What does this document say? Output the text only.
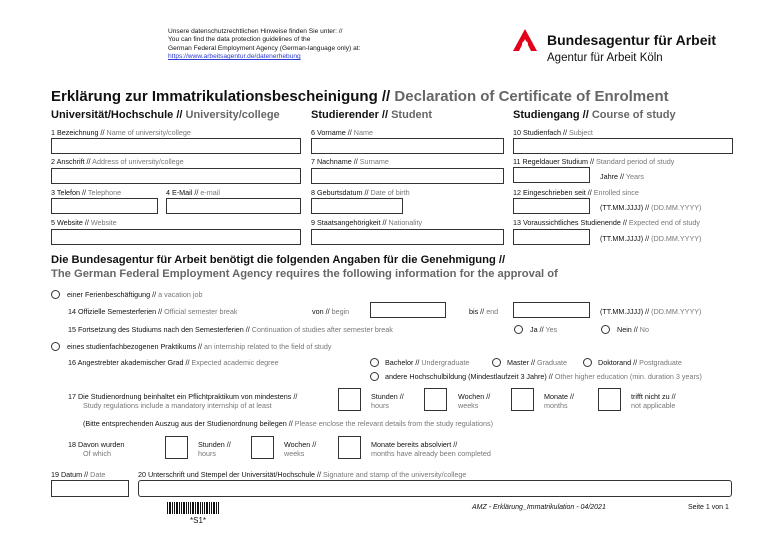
Unsere datenschutzrechtlichen Hinweise finden Sie unter: //
You can find the data protection guidelines of the
German Federal Employment Agency (German-language only) at:
https://www.arbeitsagentur.de/datenerhebung
Bundesagentur für Arbeit
Agentur für Arbeit Köln
Erklärung zur Immatrikulationsbescheinigung // Declaration of Certificate of Enrolment
Universität/Hochschule // University/college	Studierender // Student	Studiengang // Course of study
1 Bezeichnung // Name of university/college
2 Anschrift // Address of university/college
3 Telefon // Telephone	4 E-Mail // e-mail
5 Website // Website
6 Vorname // Name
7 Nachname // Surname
8 Geburtsdatum // Date of birth
9 Staatsangehörigkeit // Nationality
10 Studienfach // Subject
11 Regeldauer Studium // Standard period of study
Jahre // Years
12 Eingeschrieben seit // Enrolled since
(TT.MM.JJJJ) // (DD.MM.YYYY)
13 Voraussichtliches Studienende // Expected end of study
(TT.MM.JJJJ) // (DD.MM.YYYY)
Die Bundesagentur für Arbeit benötigt die folgenden Angaben für die Genehmigung //
The German Federal Employment Agency requires the following information for the approval of
einer Ferienbeschäftigung // a vacation job
14 Offizielle Semesterferien // Official semester break	von // begin	bis // end	(TT.MM.JJJJ) // (DD.MM.YYYY)
15 Fortsetzung des Studiums nach den Semesterferien // Continuation of studies after semester break	Ja // Yes	Nein // No
eines studienfachbezogenen Praktikums // an internship related to the field of study
16 Angestrebter akademischer Grad // Expected academic degree	Bachelor // Undergraduate	Master // Graduate	Doktorand // Postgraduate
andere Hochschulbildung (Mindestlaufzeit 3 Jahre) // Other higher education (min. duration 3 years)
17 Die Studienordnung beinhaltet ein Pflichtpraktikum von mindestens //
Study regulations include a mandatory internship of at least
Stunden //
hours
Wochen //
weeks
Monate //
months
trifft nicht zu //
not applicable
(Bitte entsprechenden Auszug aus der Studienordnung beilegen // Please enclose the relevant details from the study regulations)
18 Davon wurden
Of which
Stunden //
hours
Wochen //
weeks
Monate bereits absolviert //
months have already been completed
19 Datum // Date	20 Unterschrift und Stempel der Universität/Hochschule // Signature and stamp of the university/college
*S1*
AMZ - Erklärung_Immatrikulation - 04/2021	Seite 1 von 1
